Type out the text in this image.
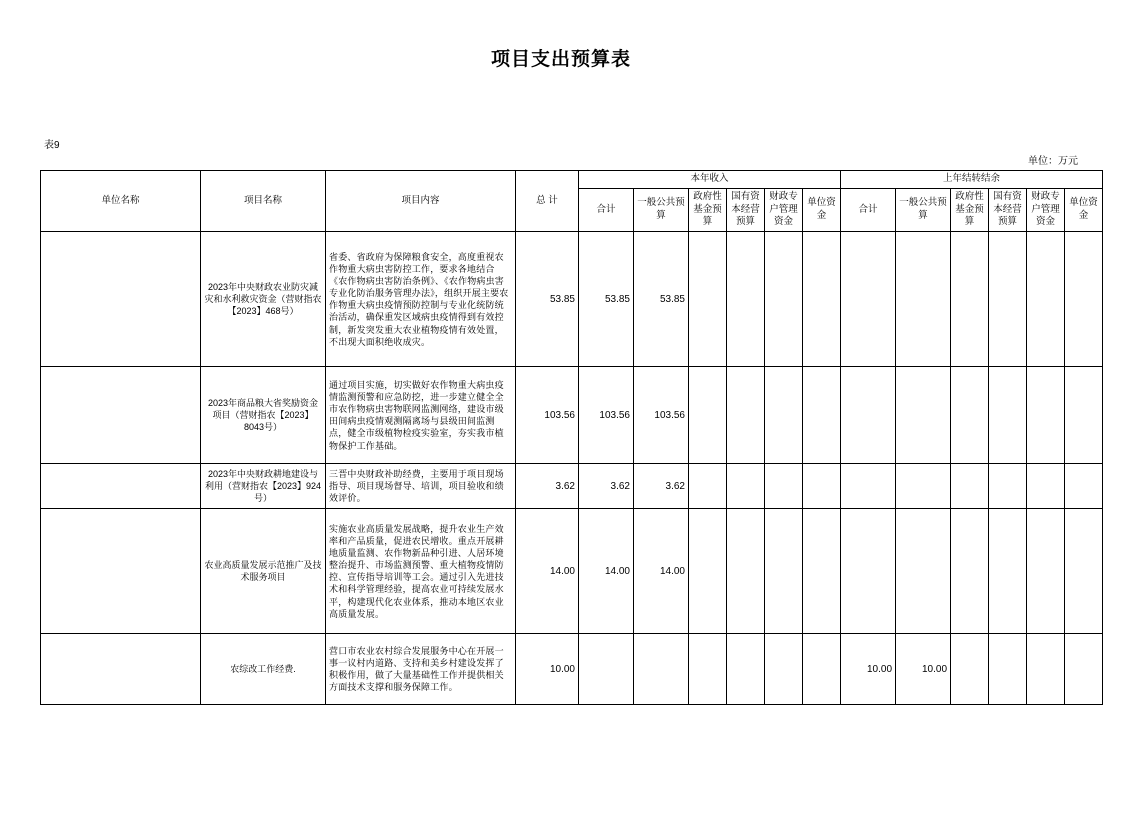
项目支出预算表
表9
单位：万元
单位名称	项目名称	项目内容	总 计	本年收入						上年结转结余					
				合计	一般公共预算	政府性基金预算	国有资本经营预算	财政专户管理资金	单位资金	合计	一般公共预算	政府性基金预算	国有资本经营预算	财政专户管理资金	单位资金

	2023年中央财政农业防灾减灾和水利救灾资金（营财指农【2023】468号）	省委、省政府为保障粮食安全，高度重视农作物重大病虫害防控工作，要求各地结合《农作物病虫害防治条例》、《农作物病虫害专业化防治服务管理办法》，组织开展主要农作物重大病虫疫情预防控制与专业化统防统治活动，确保重发区域病虫疫情得到有效控制，新发突发重大农业植物疫情有效处置，不出现大面积绝收成灾。	53.85	53.85	53.85										
	2023年商品粮大省奖励资金项目（营财指农【2023】8043号）	通过项目实施，切实做好农作物重大病虫疫情监测预警和应急防挖，进一步建立健全全市农作物病虫害物联网监测网络，建设市级田间病虫疫情观测隔离场与县级田间监测点，健全市级植物检疫实验室，夯实我市植物保护工作基础。	103.56	103.56	103.56										
	2023年中央财政耕地建设与利用（营财指农【2023】924号）	三晋中央财政补助经费，主要用于项目现场指导、项目现场督导、培训，项目验收和绩效评价。	3.62	3.62	3.62										
	农业高质量发展示范推广及技术服务项目	实施农业高质量发展战略，提升农业生产效率和产品质量，促进农民增收。重点开展耕地质量监测、农作物新品种引进、人居环境整治提升、市场监测预警、重大植物疫情防控、宣传指导培训等工会。通过引入先进技术和科学管理经验，提高农业可持续发展水平，构建现代化农业体系，推动本地区农业高质量发展。	14.00	14.00	14.00										
	农综改工作经费.	营口市农业农村综合发展服务中心在开展一事一议村内道路、支持和美乡村建设发挥了积极作用，做了大量基础性工作并提供相关方面技术支撑和服务保障工作。	10.00							10.00	10.00				
